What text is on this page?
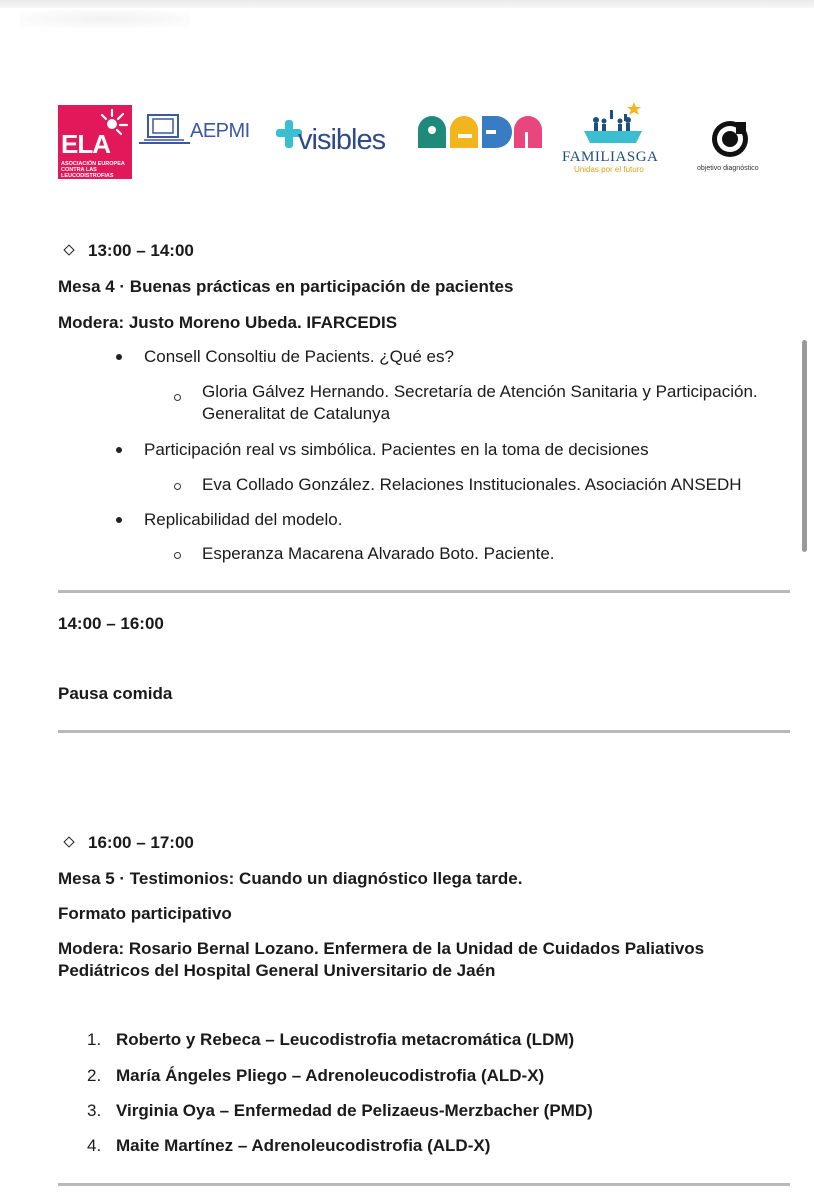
ELA
ASOCIACIÓN EUROPEA CONTRA LAS LEUCODISTROFIAS
AEPMI visibles
FAMILIASGA
Unidas por el futuro	objetivo diagnóstico
13:00 – 14:00
Mesa 4 · Buenas prácticas en participación de pacientes
Modera: Justo Moreno Ubeda. IFARCEDIS
Consell Consoltiu de Pacients. ¿Qué es?
Gloria Gálvez Hernando. Secretaría de Atención Sanitaria y Participación.
Generalitat de Catalunya
Participación real vs simbólica. Pacientes en la toma de decisiones
Eva Collado González. Relaciones Institucionales. Asociación ANSEDH
Replicabilidad del modelo.
Esperanza Macarena Alvarado Boto. Paciente.
14:00 – 16:00
Pausa comida
16:00 – 17:00
Mesa 5 · Testimonios: Cuando un diagnóstico llega tarde.
Formato participativo
Modera: Rosario Bernal Lozano. Enfermera de la Unidad de Cuidados Paliativos
Pediátricos del Hospital General Universitario de Jaén
1. Roberto y Rebeca – Leucodistrofia metacromática (LDM)
2. María Ángeles Pliego – Adrenoleucodistrofia (ALD-X)
3. Virginia Oya – Enfermedad de Pelizaeus-Merzbacher (PMD)
4. Maite Martínez – Adrenoleucodistrofia (ALD-X)
